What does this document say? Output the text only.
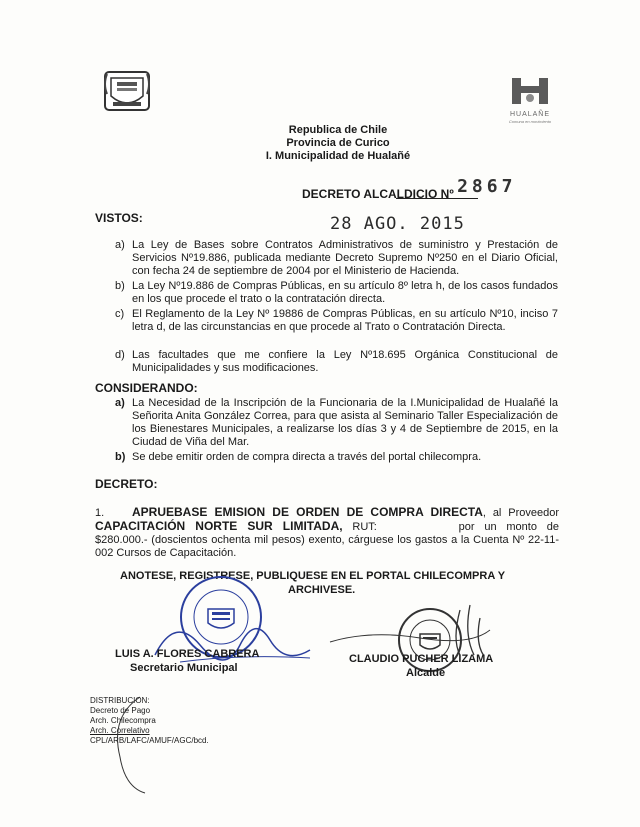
HUALAÑE
Comuna en movimiento
Republica de Chile
Provincia de Curico
I. Municipalidad de Hualañé
DECRETO ALCALDICIO Nº 2867
28 AGO. 2015
VISTOS:
a) La Ley de Bases sobre Contratos Administrativos de suministro y Prestación de Servicios Nº19.886, publicada mediante Decreto Supremo Nº250 en el Diario Oficial, con fecha 24 de septiembre de 2004 por el Ministerio de Hacienda.
b) La Ley Nº19.886 de Compras Públicas, en su artículo 8º letra h, de los casos fundados en los que procede el trato o la contratación directa.
c) El Reglamento de la Ley Nº 19886 de Compras Públicas, en su artículo Nº10, inciso 7 letra d, de las circunstancias en que procede al Trato o Contratación Directa.
d) Las facultades que me confiere la Ley Nº18.695 Orgánica Constitucional de Municipalidades y sus modificaciones.
CONSIDERANDO:
a) La Necesidad de la Inscripción de la Funcionaria de la I.Municipalidad de Hualañé la Señorita Anita González Correa, para que asista al Seminario Taller Especialización de los Bienestares Municipales, a realizarse los días 3 y 4 de Septiembre de 2015, en la Ciudad de Viña del Mar.
b) Se debe emitir orden de compra directa a través del portal chilecompra.
DECRETO:
1. APRUEBASE EMISION DE ORDEN DE COMPRA DIRECTA, al Proveedor CAPACITACIÓN NORTE SUR LIMITADA, RUT:	por un monto de $280.000.- (doscientos ochenta mil pesos) exento, cárguese los gastos a la Cuenta Nº 22-11-002 Cursos de Capacitación.
ANOTESE, REGISTRESE, PUBLIQUESE EN EL PORTAL CHILECOMPRA Y
ARCHIVESE.
LUIS A. FLORES CABRERA
Secretario Municipal
CLAUDIO PUCHER LIZAMA
Alcalde
DISTRIBUCION:
Decreto de Pago
Arch. Chilecompra
Arch. Correlativo
CPL/ARB/LAFC/AMUF/AGC/bcd.
